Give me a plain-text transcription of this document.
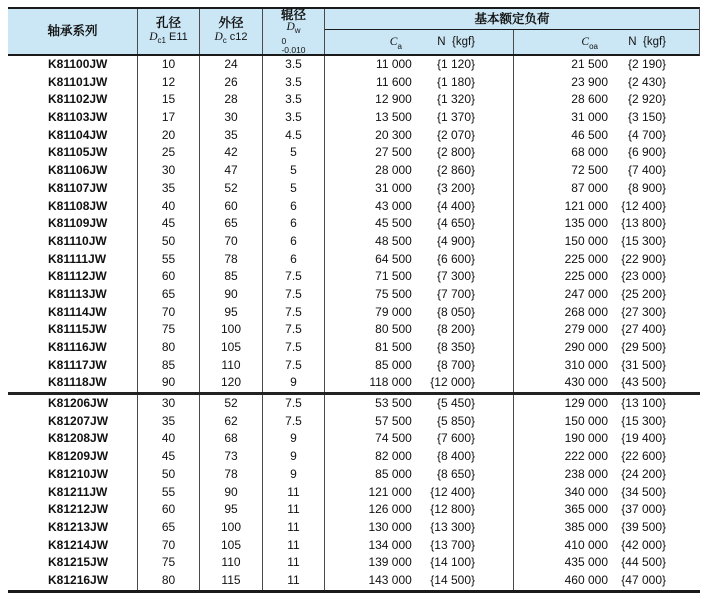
轴承系列
孔径
$D_{c1}$ E11
外径
$D_c$ c12
辊径
$D_w$
0
-0.010
基本额定负荷
$C_a$	N  {kgf}	$C_{oa}$	N  {kgf}
K81100JW	10	24	3.5	11 000	{1 120}	21 500	{2 190}
K81101JW	12	26	3.5	11 600	{1 180}	23 900	{2 430}
K81102JW	15	28	3.5	12 900	{1 320}	28 600	{2 920}
K81103JW	17	30	3.5	13 500	{1 370}	31 000	{3 150}
K81104JW	20	35	4.5	20 300	{2 070}	46 500	{4 700}
K81105JW	25	42	5	27 500	{2 800}	68 000	{6 900}
K81106JW	30	47	5	28 000	{2 860}	72 500	{7 400}
K81107JW	35	52	5	31 000	{3 200}	87 000	{8 900}
K81108JW	40	60	6	43 000	{4 400}	121 000	{12 400}
K81109JW	45	65	6	45 500	{4 650}	135 000	{13 800}
K81110JW	50	70	6	48 500	{4 900}	150 000	{15 300}
K81111JW	55	78	6	64 500	{6 600}	225 000	{22 900}
K81112JW	60	85	7.5	71 500	{7 300}	225 000	{23 000}
K81113JW	65	90	7.5	75 500	{7 700}	247 000	{25 200}
K81114JW	70	95	7.5	79 000	{8 050}	268 000	{27 300}
K81115JW	75	100	7.5	80 500	{8 200}	279 000	{27 400}
K81116JW	80	105	7.5	81 500	{8 350}	290 000	{29 500}
K81117JW	85	110	7.5	85 000	{8 700}	310 000	{31 500}
K81118JW	90	120	9	118 000	{12 000}	430 000	{43 500}
K81206JW	30	52	7.5	53 500	{5 450}	129 000	{13 100}
K81207JW	35	62	7.5	57 500	{5 850}	150 000	{15 300}
K81208JW	40	68	9	74 500	{7 600}	190 000	{19 400}
K81209JW	45	73	9	82 000	{8 400}	222 000	{22 600}
K81210JW	50	78	9	85 000	{8 650}	238 000	{24 200}
K81211JW	55	90	11	121 000	{12 400}	340 000	{34 500}
K81212JW	60	95	11	126 000	{12 800}	365 000	{37 000}
K81213JW	65	100	11	130 000	{13 300}	385 000	{39 500}
K81214JW	70	105	11	134 000	{13 700}	410 000	{42 000}
K81215JW	75	110	11	139 000	{14 100}	435 000	{44 500}
K81216JW	80	115	11	143 000	{14 500}	460 000	{47 000}
